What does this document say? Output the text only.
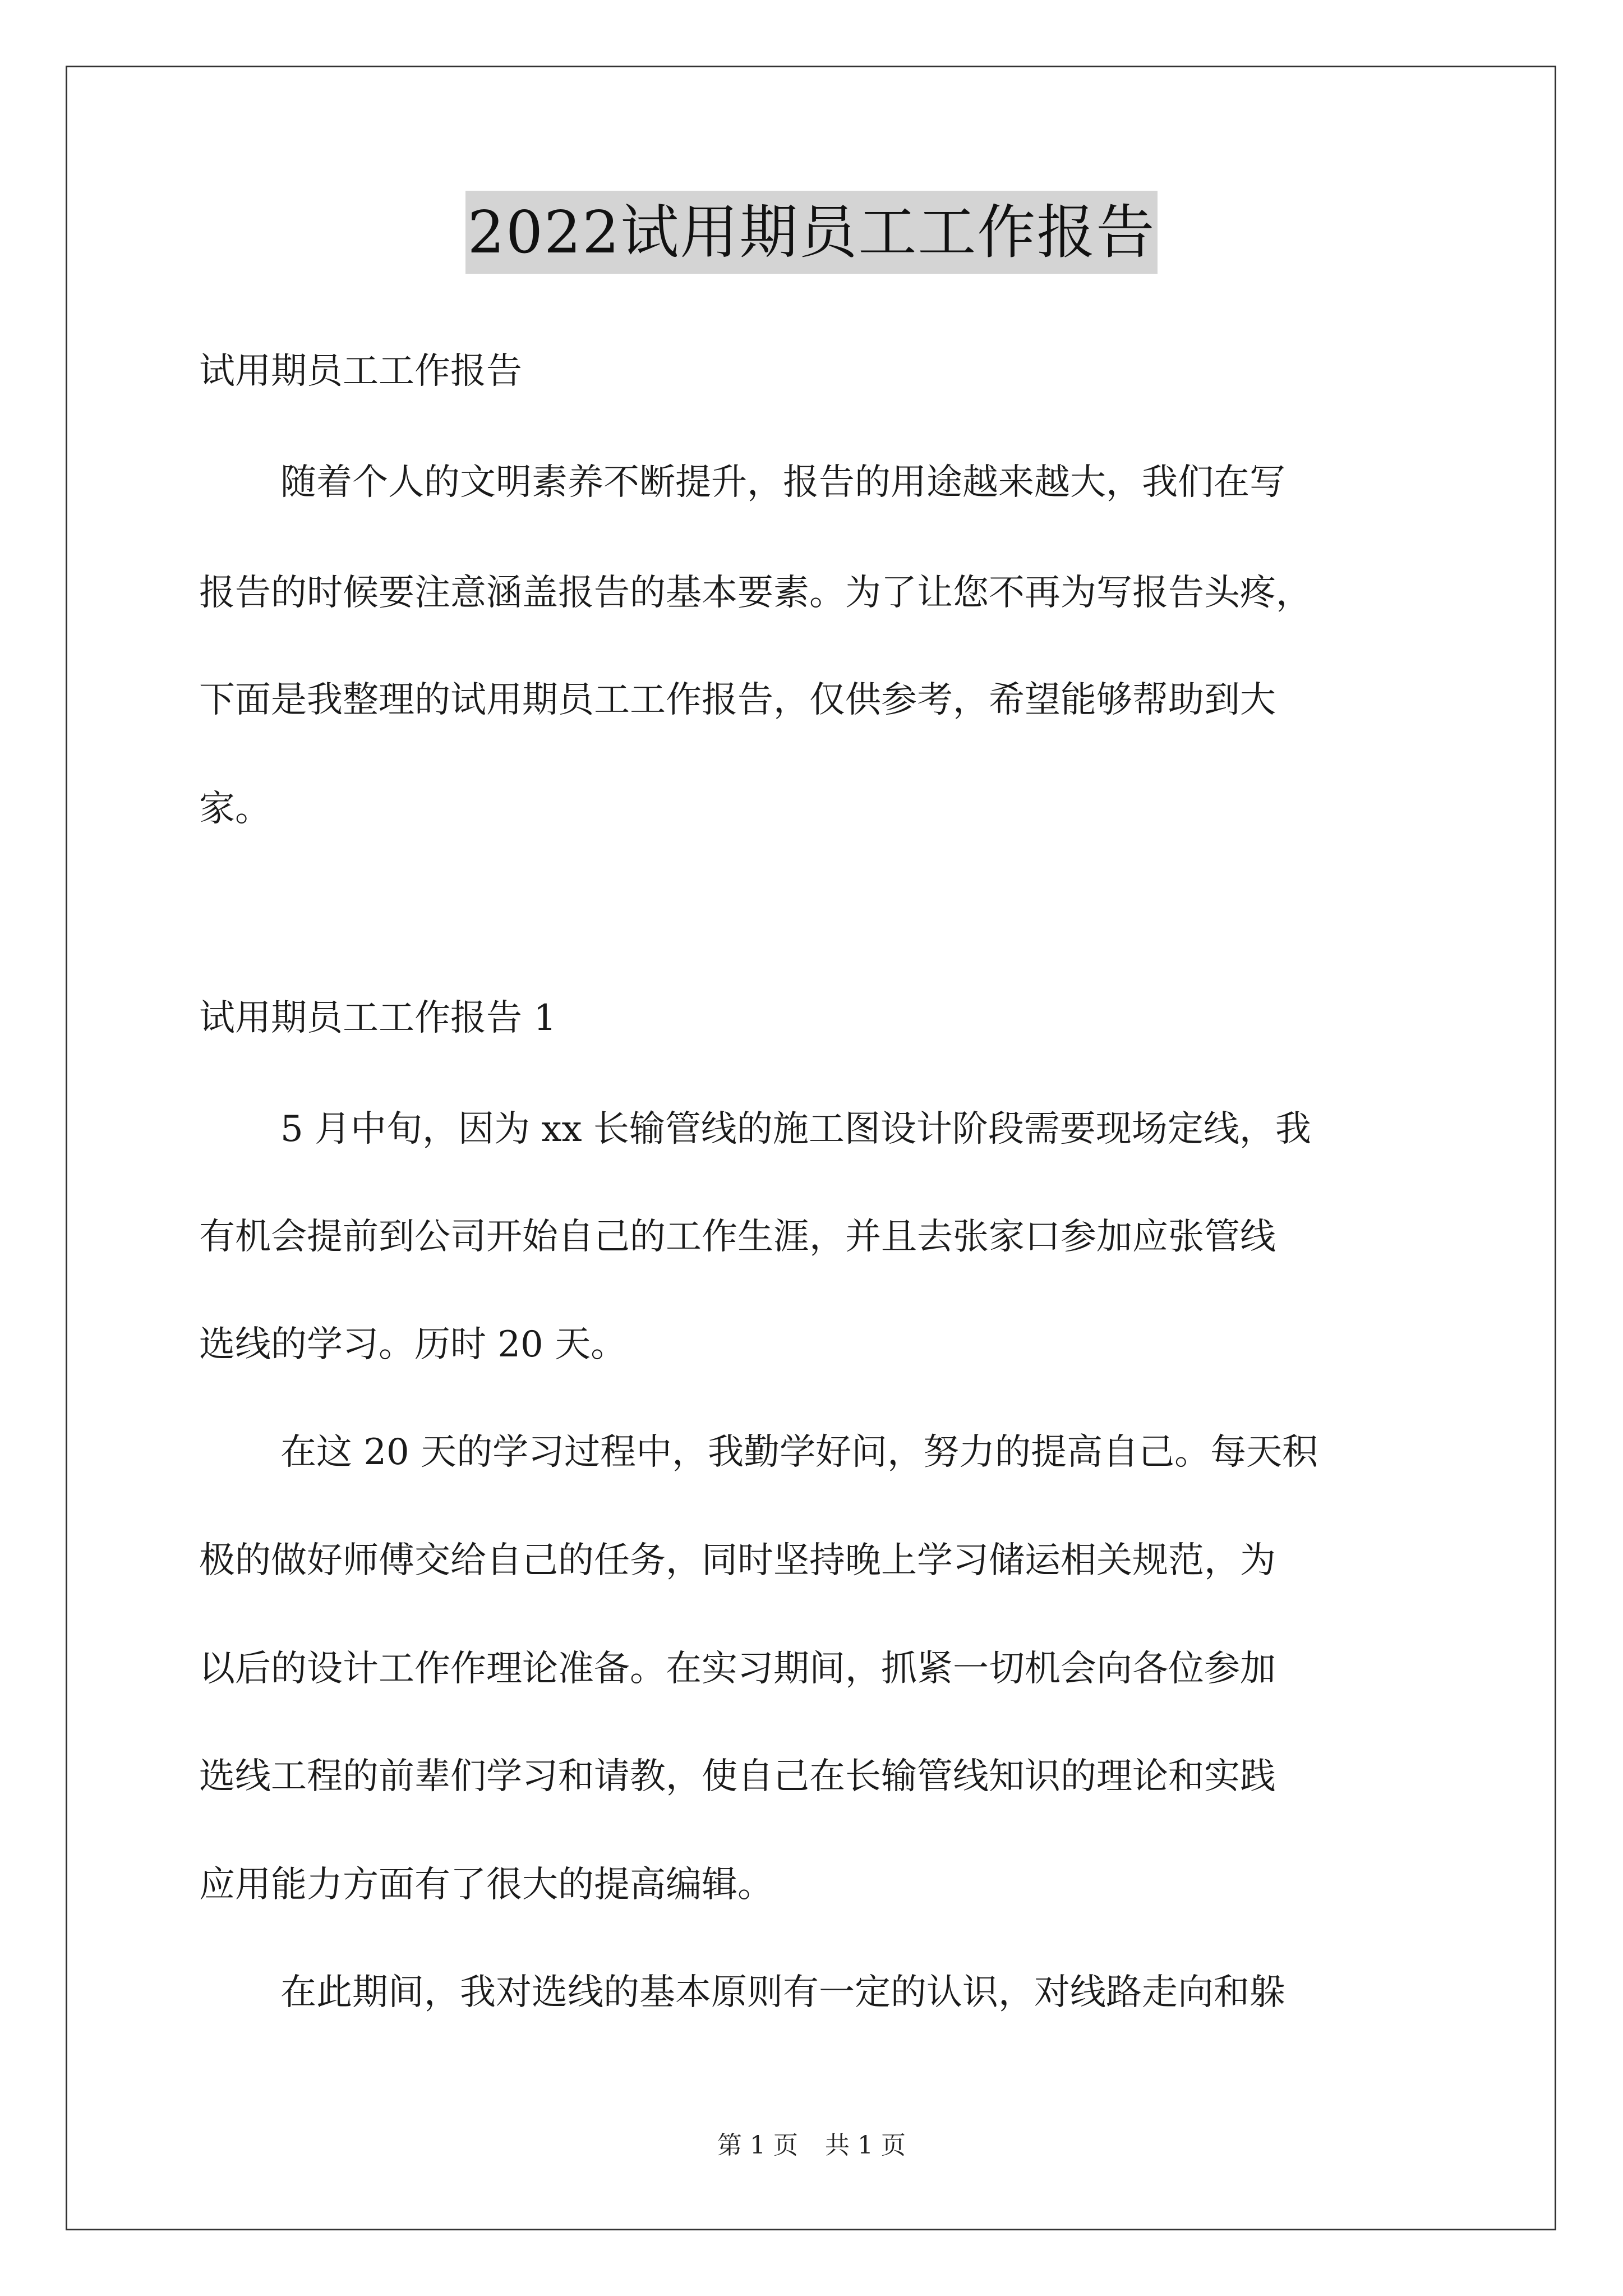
2022试用期员工工作报告
试用期员工工作报告
随着个人的文明素养不断提升，报告的用途越来越大，我们在写
报告的时候要注意涵盖报告的基本要素。为了让您不再为写报告头疼，
下面是我整理的试用期员工工作报告，仅供参考，希望能够帮助到大
家。
试用期员工工作报告 1
5 月中旬，因为 xx 长输管线的施工图设计阶段需要现场定线，我
有机会提前到公司开始自己的工作生涯，并且去张家口参加应张管线
选线的学习。历时 20 天。
在这 20 天的学习过程中，我勤学好问，努力的提高自己。每天积
极的做好师傅交给自己的任务，同时坚持晚上学习储运相关规范，为
以后的设计工作作理论准备。在实习期间，抓紧一切机会向各位参加
选线工程的前辈们学习和请教，使自己在长输管线知识的理论和实践
应用能力方面有了很大的提高编辑。
在此期间，我对选线的基本原则有一定的认识，对线路走向和躲
第 1 页 共 1 页
